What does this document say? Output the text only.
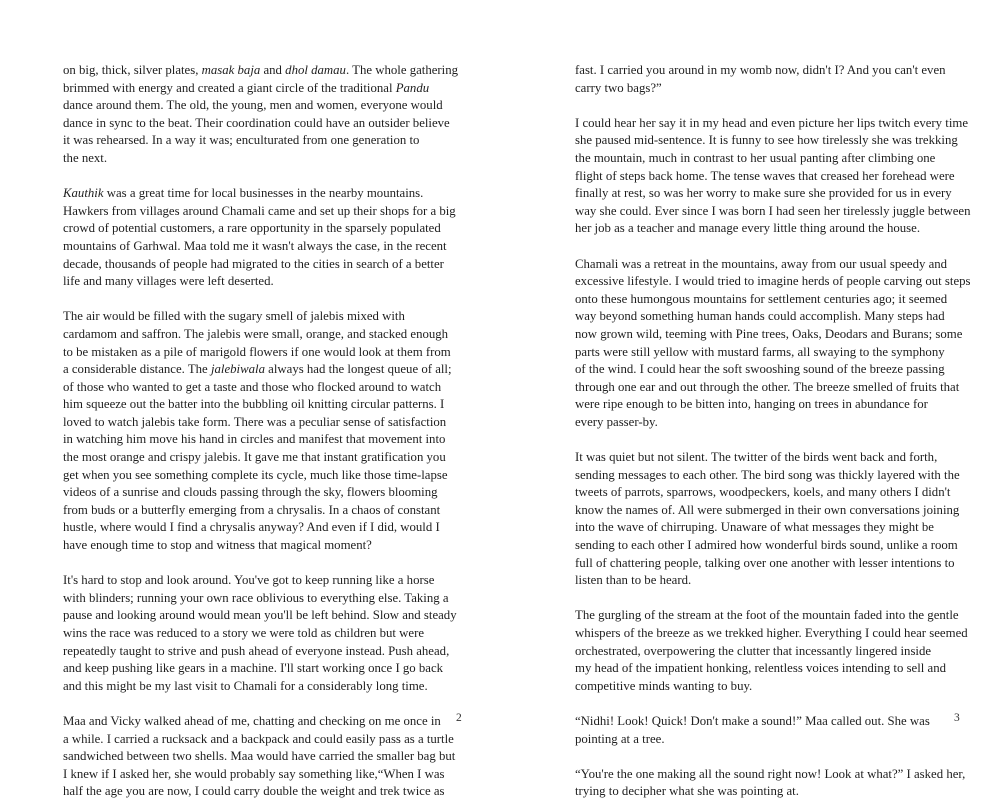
on big, thick, silver plates, masak baja and dhol damau. The whole gathering
brimmed with energy and created a giant circle of the traditional Pandu
dance around them. The old, the young, men and women, everyone would
dance in sync to the beat. Their coordination could have an outsider believe
it was rehearsed. In a way it was; enculturated from one generation to
the next.

Kauthik was a great time for local businesses in the nearby mountains.
Hawkers from villages around Chamali came and set up their shops for a big
crowd of potential customers, a rare opportunity in the sparsely populated
mountains of Garhwal. Maa told me it wasn't always the case, in the recent
decade, thousands of people had migrated to the cities in search of a better
life and many villages were left deserted.

The air would be filled with the sugary smell of jalebis mixed with
cardamom and saffron. The jalebis were small, orange, and stacked enough
to be mistaken as a pile of marigold flowers if one would look at them from
a considerable distance. The jalebiwala always had the longest queue of all;
of those who wanted to get a taste and those who flocked around to watch
him squeeze out the batter into the bubbling oil knitting circular patterns. I
loved to watch jalebis take form. There was a peculiar sense of satisfaction
in watching him move his hand in circles and manifest that movement into
the most orange and crispy jalebis. It gave me that instant gratification you
get when you see something complete its cycle, much like those time-lapse
videos of a sunrise and clouds passing through the sky, flowers blooming
from buds or a butterfly emerging from a chrysalis. In a chaos of constant
hustle, where would I find a chrysalis anyway? And even if I did, would I
have enough time to stop and witness that magical moment?

It's hard to stop and look around. You've got to keep running like a horse
with blinders; running your own race oblivious to everything else. Taking a
pause and looking around would mean you'll be left behind. Slow and steady
wins the race was reduced to a story we were told as children but were
repeatedly taught to strive and push ahead of everyone instead. Push ahead,
and keep pushing like gears in a machine. I'll start working once I go back
and this might be my last visit to Chamali for a considerably long time.

Maa and Vicky walked ahead of me, chatting and checking on me once in
a while. I carried a rucksack and a backpack and could easily pass as a turtle
sandwiched between two shells. Maa would have carried the smaller bag but
I knew if I asked her, she would probably say something like,“When I was
half the age you are now, I could carry double the weight and trek twice as

2

fast. I carried you around in my womb now, didn't I? And you can't even
carry two bags?”

I could hear her say it in my head and even picture her lips twitch every time
she paused mid-sentence. It is funny to see how tirelessly she was trekking
the mountain, much in contrast to her usual panting after climbing one
flight of steps back home. The tense waves that creased her forehead were
finally at rest, so was her worry to make sure she provided for us in every
way she could. Ever since I was born I had seen her tirelessly juggle between
her job as a teacher and manage every little thing around the house.

Chamali was a retreat in the mountains, away from our usual speedy and
excessive lifestyle. I would tried to imagine herds of people carving out steps
onto these humongous mountains for settlement centuries ago; it seemed
way beyond something human hands could accomplish. Many steps had
now grown wild, teeming with Pine trees, Oaks, Deodars and Burans; some
parts were still yellow with mustard farms, all swaying to the symphony
of the wind. I could hear the soft swooshing sound of the breeze passing
through one ear and out through the other. The breeze smelled of fruits that
were ripe enough to be bitten into, hanging on trees in abundance for
every passer-by.

It was quiet but not silent. The twitter of the birds went back and forth,
sending messages to each other. The bird song was thickly layered with the
tweets of parrots, sparrows, woodpeckers, koels, and many others I didn't
know the names of. All were submerged in their own conversations joining
into the wave of chirruping. Unaware of what messages they might be
sending to each other I admired how wonderful birds sound, unlike a room
full of chattering people, talking over one another with lesser intentions to
listen than to be heard.

The gurgling of the stream at the foot of the mountain faded into the gentle
whispers of the breeze as we trekked higher. Everything I could hear seemed
orchestrated, overpowering the clutter that incessantly lingered inside
my head of the impatient honking, relentless voices intending to sell and
competitive minds wanting to buy.

“Nidhi! Look! Quick! Don't make a sound!” Maa called out. She was
pointing at a tree.

“You're the one making all the sound right now! Look at what?” I asked her,
trying to decipher what she was pointing at.

3
